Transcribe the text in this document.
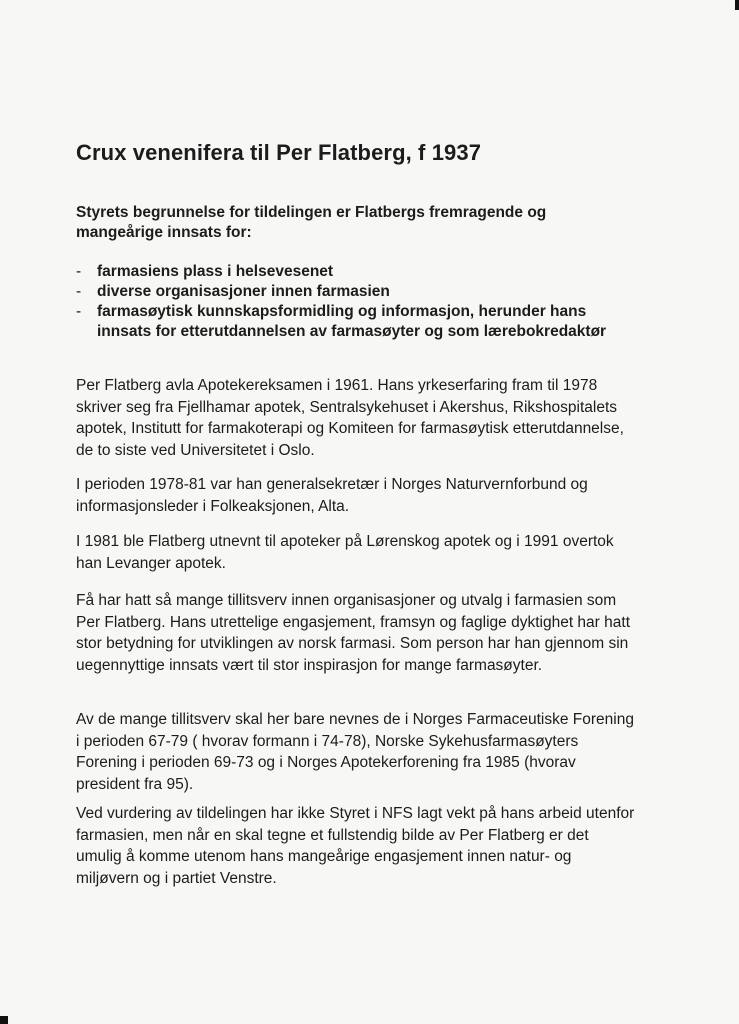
Crux venenifera til Per Flatberg, f 1937

Styrets begrunnelse for tildelingen er Flatbergs fremragende og mangeårige innsats for:

- farmasiens plass i helsevesenet
- diverse organisasjoner innen farmasien
- farmasøytisk kunnskapsformidling og informasjon, herunder hans innsats for etterutdannelsen av farmasøyter og som lærebokredaktør

Per Flatberg avla Apotekereksamen i 1961. Hans yrkeserfaring fram til 1978 skriver seg fra Fjellhamar apotek, Sentralsykehuset i Akershus, Rikshospitalets apotek, Institutt for farmakoterapi og Komiteen for farmasøytisk etterutdannelse, de to siste ved Universitetet i Oslo.

I perioden 1978-81 var han generalsekretær i Norges Naturvernforbund og informasjonsleder i Folkeaksjonen, Alta.

I 1981 ble Flatberg utnevnt til apoteker på Lørenskog apotek og i 1991 overtok han Levanger apotek.

Få har hatt så mange tillitsverv innen organisasjoner og utvalg i farmasien som Per Flatberg. Hans utrettelige engasjement, framsyn og faglige dyktighet har hatt stor betydning for utviklingen av norsk farmasi. Som person har han gjennom sin uegennyttige innsats vært til stor inspirasjon for mange farmasøyter.

Av de mange tillitsverv skal her bare nevnes de i Norges Farmaceutiske Forening i perioden 67-79 ( hvorav formann i 74-78), Norske Sykehusfarmasøyters Forening i perioden 69-73 og i Norges Apotekerforening fra 1985 (hvorav president fra 95).

Ved vurdering av tildelingen har ikke Styret i NFS lagt vekt på hans arbeid utenfor farmasien, men når en skal tegne et fullstendig bilde av Per Flatberg er det umulig å komme utenom hans mangeårige engasjement innen natur- og miljøvern og i partiet Venstre.
